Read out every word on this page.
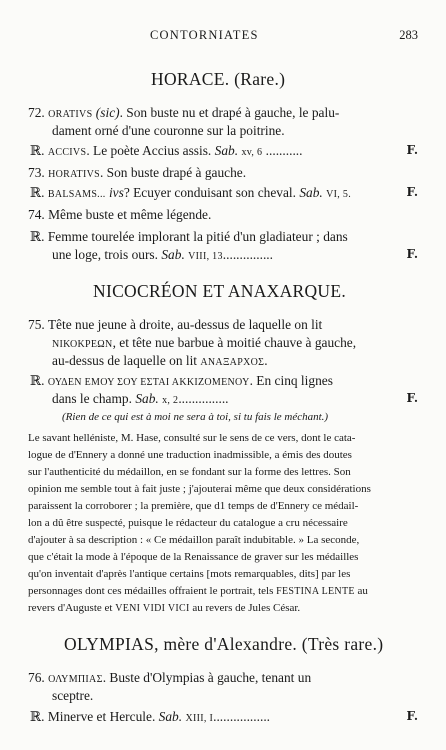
CONTORNIATES	283
HORACE. (Rare.)
72. ORATIVS (sic). Son buste nu et drapé à gauche, le palu-
dament orné d'une couronne sur la poitrine.
ℝ. ACCIVS. Le poète Accius assis. Sab. xv, 6 ...........	F.
73. HORATIVS. Son buste drapé à gauche.
ℝ. BALSAMS... ivs? Ecuyer conduisant son cheval. Sab. VI, 5.	F.
74. Même buste et même légende.
ℝ. Femme tourelée implorant la pitié d'un gladiateur ; dans
une loge, trois ours. Sab. VIII, 13...............	F.
NICOCRÉON ET ANAXARQUE.
75. Tête nue jeune à droite, au-dessus de laquelle on lit
ΝΙΚΟΚΡΕΩΝ, et tête nue barbue à moitié chauve à gauche,
au-dessus de laquelle on lit ΑΝΑΞΑΡΧΟΣ.
ℝ. ΟΥΔΕΝ ΕΜΟΥ ΣΟΥ ΕΣΤΑΙ ΑΚΚΙΖΟΜΕΝΟΥ. En cinq lignes
dans le champ. Sab. x, 2...............	F.
(Rien de ce qui est à moi ne sera à toi, si tu fais le méchant.)
Le savant helléniste, M. Hase, consulté sur le sens de ce vers, dont le cata-
logue de d'Ennery a donné une traduction inadmissible, a émis des doutes
sur l'authenticité du médaillon, en se fondant sur la forme des lettres. Son
opinion me semble tout à fait juste ; j'ajouterai même que deux considérations
paraissent la corroborer ; la première, que d1 temps de d'Ennery ce médail-
lon a dû être suspecté, puisque le rédacteur du catalogue a cru nécessaire
d'ajouter à sa description : « Ce médaillon paraît indubitable. » La seconde,
que c'était la mode à l'époque de la Renaissance de graver sur les médailles
qu'on inventait d'après l'antique certains [mots remarquables, dits] par les
personnages dont ces médailles offraient le portrait, tels FESTINA LENTE au
revers d'Auguste et VENI VIDI VICI au revers de Jules César.
OLYMPIAS, mère d'Alexandre. (Très rare.)
76. ΟΛΥΜΠΙΑΣ. Buste d'Olympias à gauche, tenant un
sceptre.
ℝ. Minerve et Hercule. Sab. XIII, I.................	F.
